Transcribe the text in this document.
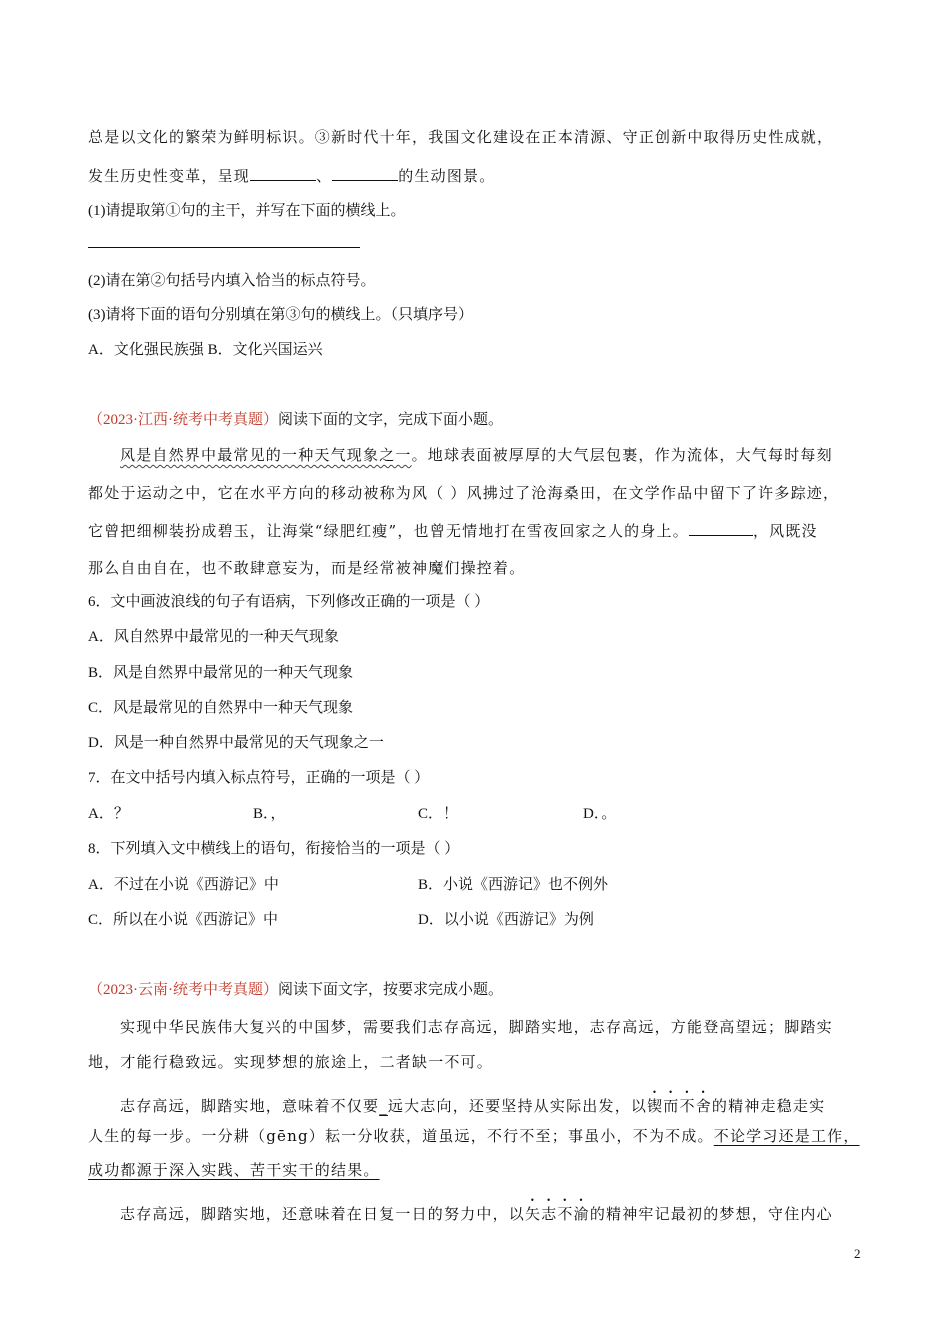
总是以文化的繁荣为鲜明标识。③新时代十年，我国文化建设在正本清源、守正创新中取得历史性成就，
发生历史性变革，呈现	、	的生动图景。
(1)请提取第①句的主干，并写在下面的横线上。
(2)请在第②句括号内填入恰当的标点符号。
(3)请将下面的语句分别填在第③句的横线上。（只填序号）
A．文化强民族强 B．文化兴国运兴
（2023·江西·统考中考真题）阅读下面的文字，完成下面小题。
风是自然界中最常见的一种天气现象之一。地球表面被厚厚的大气层包裹，作为流体，大气每时每刻
都处于运动之中，它在水平方向的移动被称为风（ ）风拂过了沧海桑田，在文学作品中留下了许多踪迹，
它曾把细柳装扮成碧玉，让海棠“绿肥红瘦”，也曾无情地打在雪夜回家之人的身上。	，风既没
那么自由自在，也不敢肆意妄为，而是经常被神魔们操控着。
6．文中画波浪线的句子有语病，下列修改正确的一项是（ ）
A．风自然界中最常见的一种天气现象
B．风是自然界中最常见的一种天气现象
C．风是最常见的自然界中一种天气现象
D．风是一种自然界中最常见的天气现象之一
7．在文中括号内填入标点符号，正确的一项是（ ）
A．？	B．，	C．！	D．。
8．下列填入文中横线上的语句，衔接恰当的一项是（ ）
A．不过在小说《西游记》中	B．小说《西游记》也不例外
C．所以在小说《西游记》中	D．以小说《西游记》为例
（2023·云南·统考中考真题）阅读下面文字，按要求完成小题。
实现中华民族伟大复兴的中国梦，需要我们志存高远，脚踏实地，志存高远，方能登高望远；脚踏实
地，才能行稳致远。实现梦想的旅途上，二者缺一不可。
志存高远，脚踏实地，意味着不仅要_远大志向，还要坚持从实际出发，以锲而不舍的精神走稳走实
人生的每一步。一分耕（gēng）耘一分收获，道虽远，不行不至；事虽小，不为不成。不论学习还是工作，
成功都源于深入实践、苦干实干的结果。
志存高远，脚踏实地，还意味着在日复一日的努力中，以矢志不渝的精神牢记最初的梦想，守住内心
2
